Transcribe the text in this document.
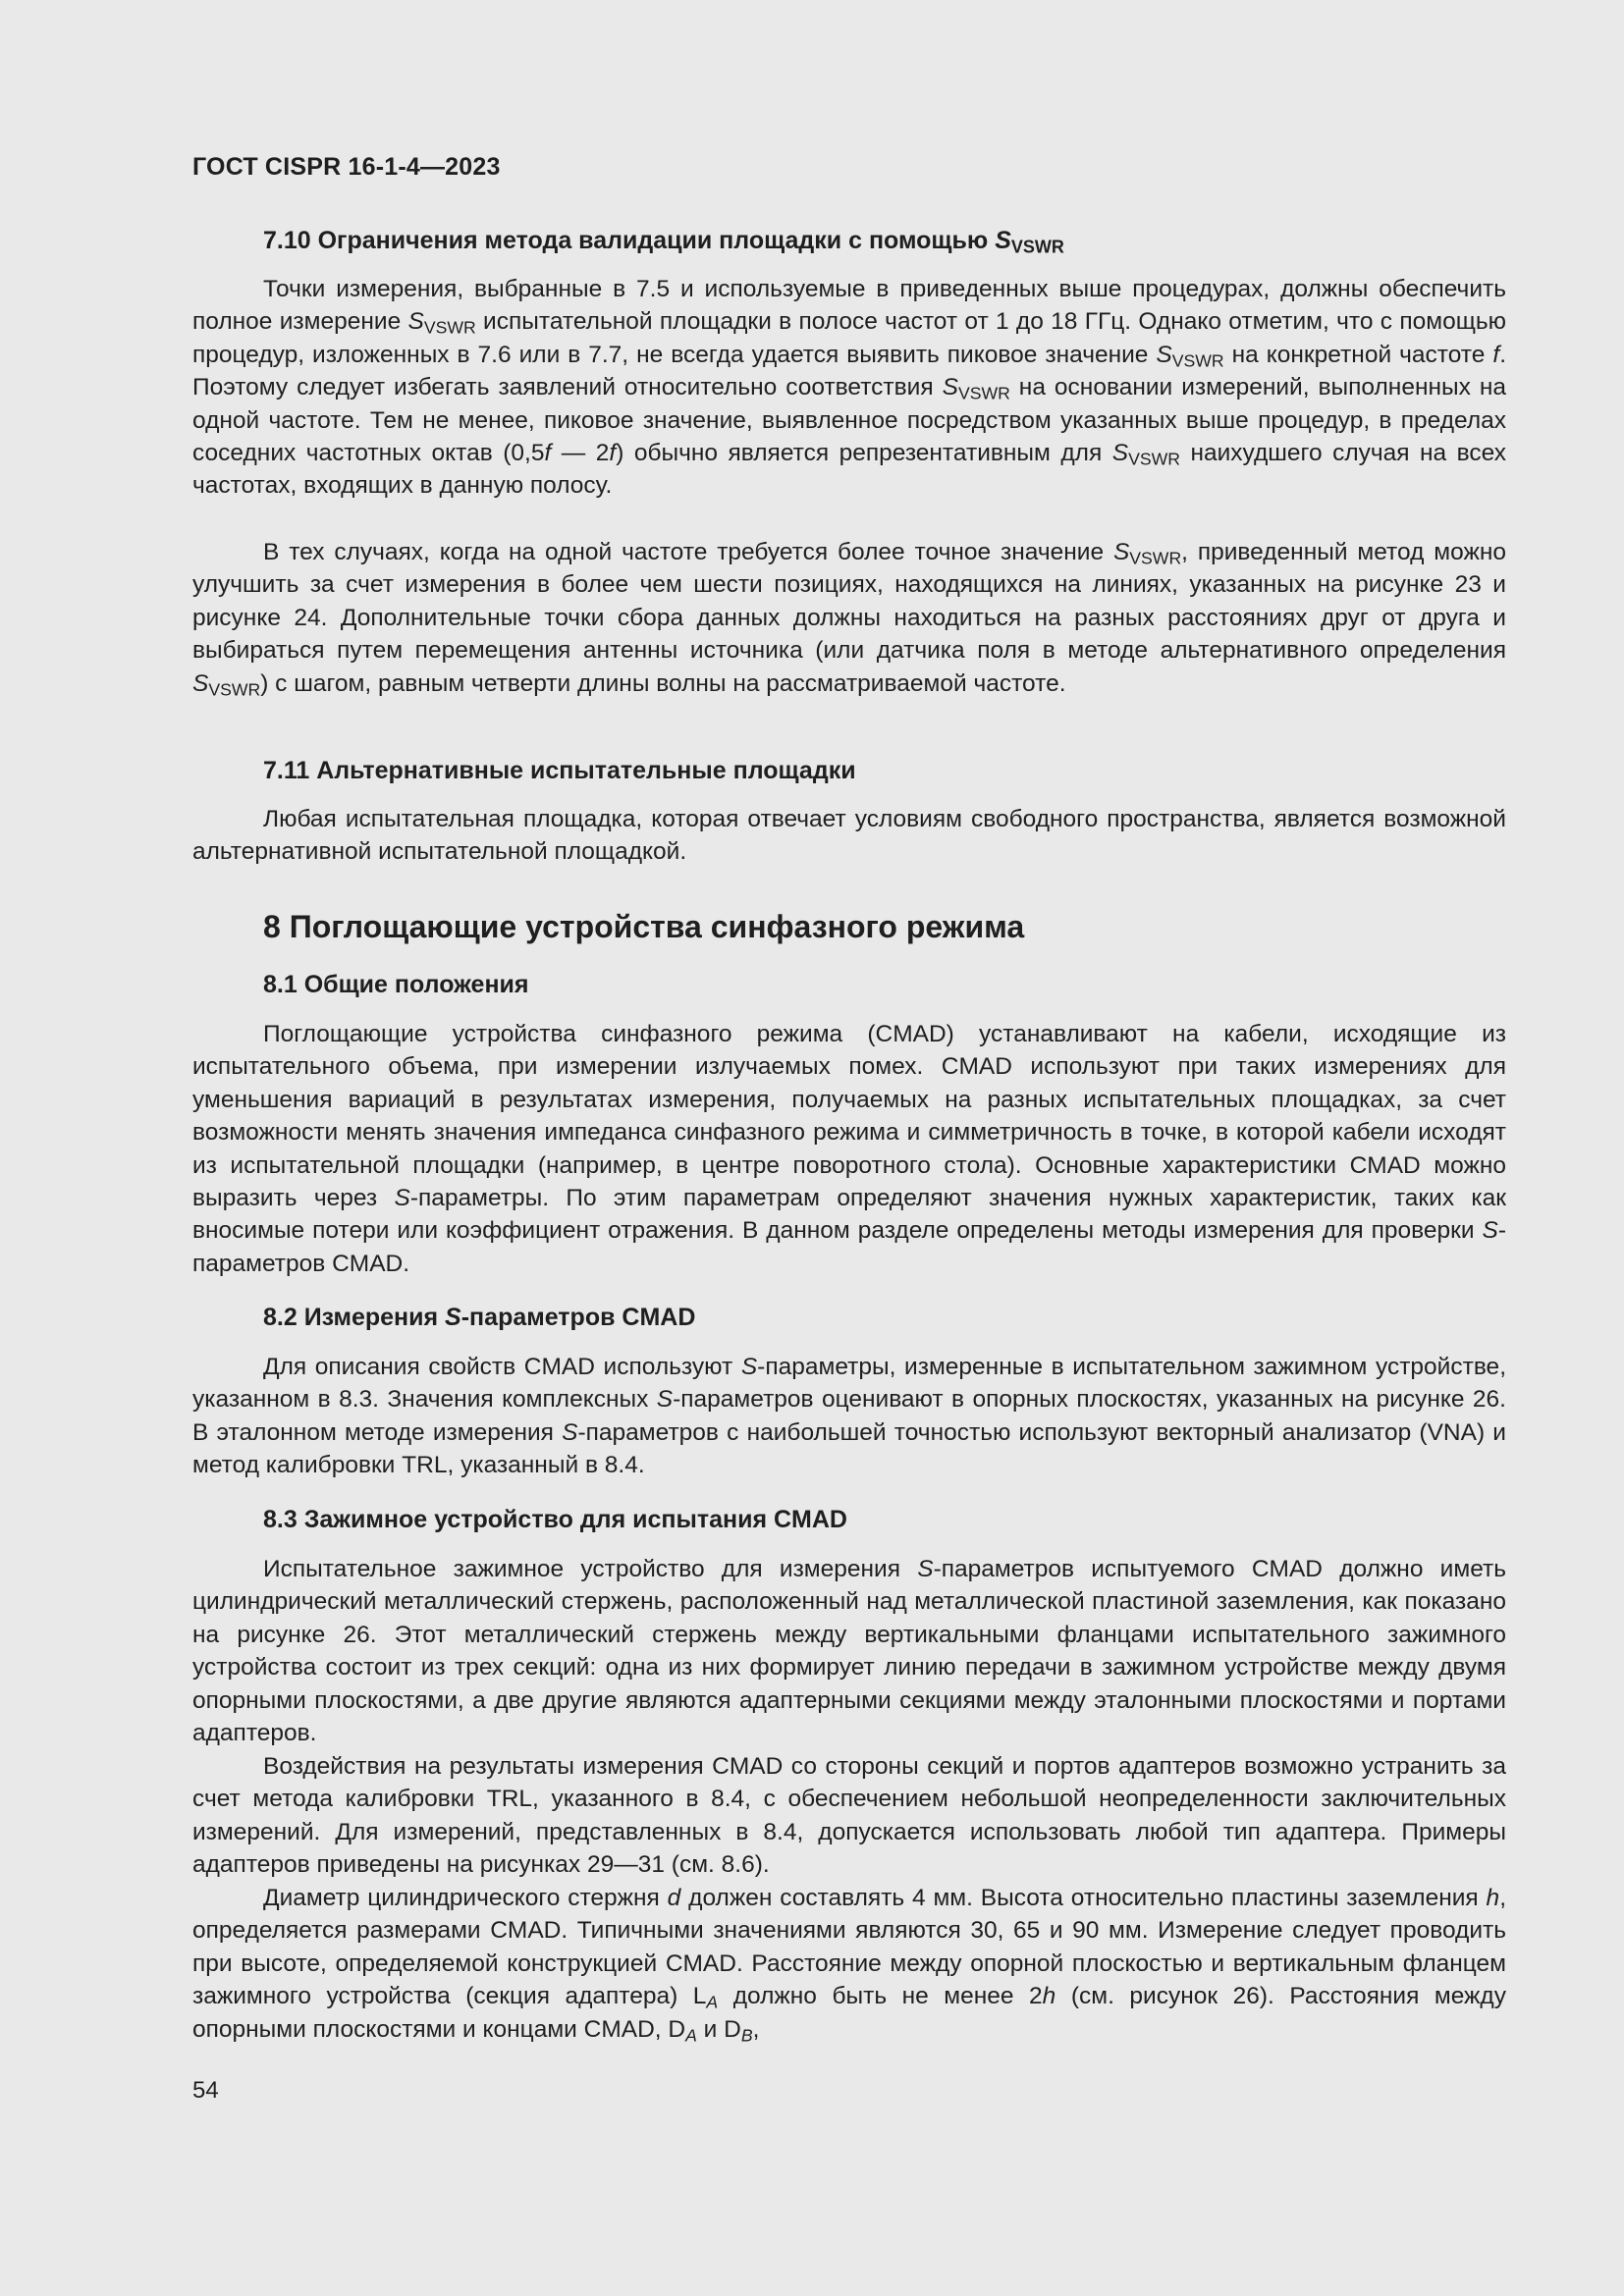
ГОСТ CISPR 16-1-4—2023
7.10 Ограничения метода валидации площадки с помощью $S_{VSWR}$
Точки измерения, выбранные в 7.5 и используемые в приведенных выше процедурах, должны обеспечить полное измерение $S_{VSWR}$ испытательной площадки в полосе частот от 1 до 18 ГГц. Однако отметим, что с помощью процедур, изложенных в 7.6 или в 7.7, не всегда удается выявить пиковое значение $S_{VSWR}$ на конкретной частоте f. Поэтому следует избегать заявлений относительно соответствия $S_{VSWR}$ на основании измерений, выполненных на одной частоте. Тем не менее, пиковое значение, выявленное посредством указанных выше процедур, в пределах соседних частотных октав (0,5f — 2f) обычно является репрезентативным для $S_{VSWR}$ наихудшего случая на всех частотах, входящих в данную полосу.
В тех случаях, когда на одной частоте требуется более точное значение $S_{VSWR}$, приведенный метод можно улучшить за счет измерения в более чем шести позициях, находящихся на линиях, указанных на рисунке 23 и рисунке 24. Дополнительные точки сбора данных должны находиться на разных расстояниях друг от друга и выбираться путем перемещения антенны источника (или датчика поля в методе альтернативного определения $S_{VSWR}$) с шагом, равным четверти длины волны на рассматриваемой частоте.
7.11 Альтернативные испытательные площадки
Любая испытательная площадка, которая отвечает условиям свободного пространства, является возможной альтернативной испытательной площадкой.
8 Поглощающие устройства синфазного режима
8.1 Общие положения
Поглощающие устройства синфазного режима (CMAD) устанавливают на кабели, исходящие из испытательного объема, при измерении излучаемых помех. CMAD используют при таких измерениях для уменьшения вариаций в результатах измерения, получаемых на разных испытательных площадках, за счет возможности менять значения импеданса синфазного режима и симметричность в точке, в которой кабели исходят из испытательной площадки (например, в центре поворотного стола). Основные характеристики CMAD можно выразить через S-параметры. По этим параметрам определяют значения нужных характеристик, таких как вносимые потери или коэффициент отражения. В данном разделе определены методы измерения для проверки S-параметров CMAD.
8.2 Измерения S-параметров CMAD
Для описания свойств CMAD используют S-параметры, измеренные в испытательном зажимном устройстве, указанном в 8.3. Значения комплексных S-параметров оценивают в опорных плоскостях, указанных на рисунке 26. В эталонном методе измерения S-параметров с наибольшей точностью используют векторный анализатор (VNA) и метод калибровки TRL, указанный в 8.4.
8.3 Зажимное устройство для испытания CMAD
Испытательное зажимное устройство для измерения S-параметров испытуемого CMAD должно иметь цилиндрический металлический стержень, расположенный над металлической пластиной заземления, как показано на рисунке 26. Этот металлический стержень между вертикальными фланцами испытательного зажимного устройства состоит из трех секций: одна из них формирует линию передачи в зажимном устройстве между двумя опорными плоскостями, а две другие являются адаптерными секциями между эталонными плоскостями и портами адаптеров.
Воздействия на результаты измерения CMAD со стороны секций и портов адаптеров возможно устранить за счет метода калибровки TRL, указанного в 8.4, с обеспечением небольшой неопределенности заключительных измерений. Для измерений, представленных в 8.4, допускается использовать любой тип адаптера. Примеры адаптеров приведены на рисунках 29—31 (см. 8.6).
Диаметр цилиндрического стержня d должен составлять 4 мм. Высота относительно пластины заземления h, определяется размерами CMAD. Типичными значениями являются 30, 65 и 90 мм. Измерение следует проводить при высоте, определяемой конструкцией CMAD. Расстояние между опорной плоскостью и вертикальным фланцем зажимного устройства (секция адаптера) $L_A$ должно быть не менее 2h (см. рисунок 26). Расстояния между опорными плоскостями и концами CMAD, $D_A$ и $D_B$,
54
